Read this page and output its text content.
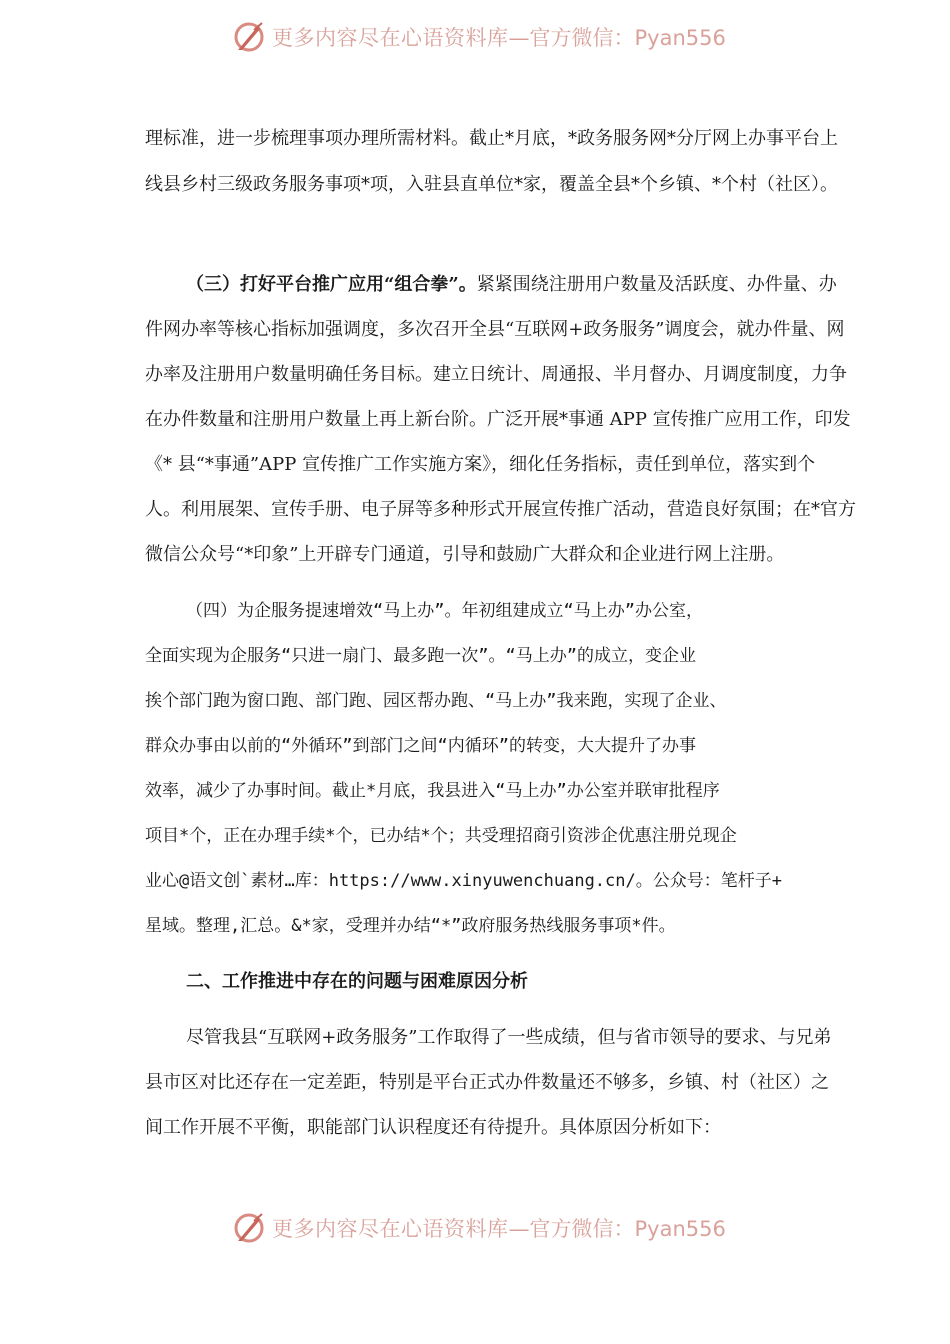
更多内容尽在心语资料库 —官方微信：Pyan556
理标准，进一步梳理事项办理所需材料。截止*月底，*政务服务网*分厅网上办事平台上
线县乡村三级政务服务事项*项，入驻县直单位*家，覆盖全县*个乡镇、*个村（社区）。
（三）打好平台推广应用“组合拳”。紧紧围绕注册用户数量及活跃度、办件量、办
件网办率等核心指标加强调度，多次召开全县“互联网+政务服务”调度会，就办件量、网
办率及注册用户数量明确任务目标。建立日统计、周通报、半月督办、月调度制度，力争
在办件数量和注册用户数量上再上新台阶。广泛开展*事通 APP 宣传推广应用工作，印发
《* 县“*事通”APP 宣传推广工作实施方案》，细化任务指标，责任到单位，落实到个
人。利用展架、宣传手册、电子屏等多种形式开展宣传推广活动，营造良好氛围；在*官方
微信公众号“*印象”上开辟专门通道，引导和鼓励广大群众和企业进行网上注册。
（四）为企服务提速增效“马上办”。年初组建成立“马上办”办公室，
全面实现为企服务“只进一扇门、最多跑一次”。“马上办”的成立，变企业
挨个部门跑为窗口跑、部门跑、园区帮办跑、“马上办”我来跑，实现了企业、
群众办事由以前的“外循环”到部门之间“内循环”的转变，大大提升了办事
效率，减少了办事时间。截止*月底，我县进入“马上办”办公室并联审批程序
项目*个，正在办理手续*个，已办结*个；共受理招商引资涉企优惠注册兑现企
业心@语文创`素材…库：https://www.xinyuwenchuang.cn/。公众号：笔杆子+
星域。整理,汇总。&*家，受理并办结“*”政府服务热线服务事项*件。
二、工作推进中存在的问题与困难原因分析
尽管我县“互联网+政务服务”工作取得了一些成绩，但与省市领导的要求、与兄弟
县市区对比还存在一定差距，特别是平台正式办件数量还不够多，乡镇、村（社区）之
间工作开展不平衡，职能部门认识程度还有待提升。具体原因分析如下：
更多内容尽在心语资料库 —官方微信：Pyan556
